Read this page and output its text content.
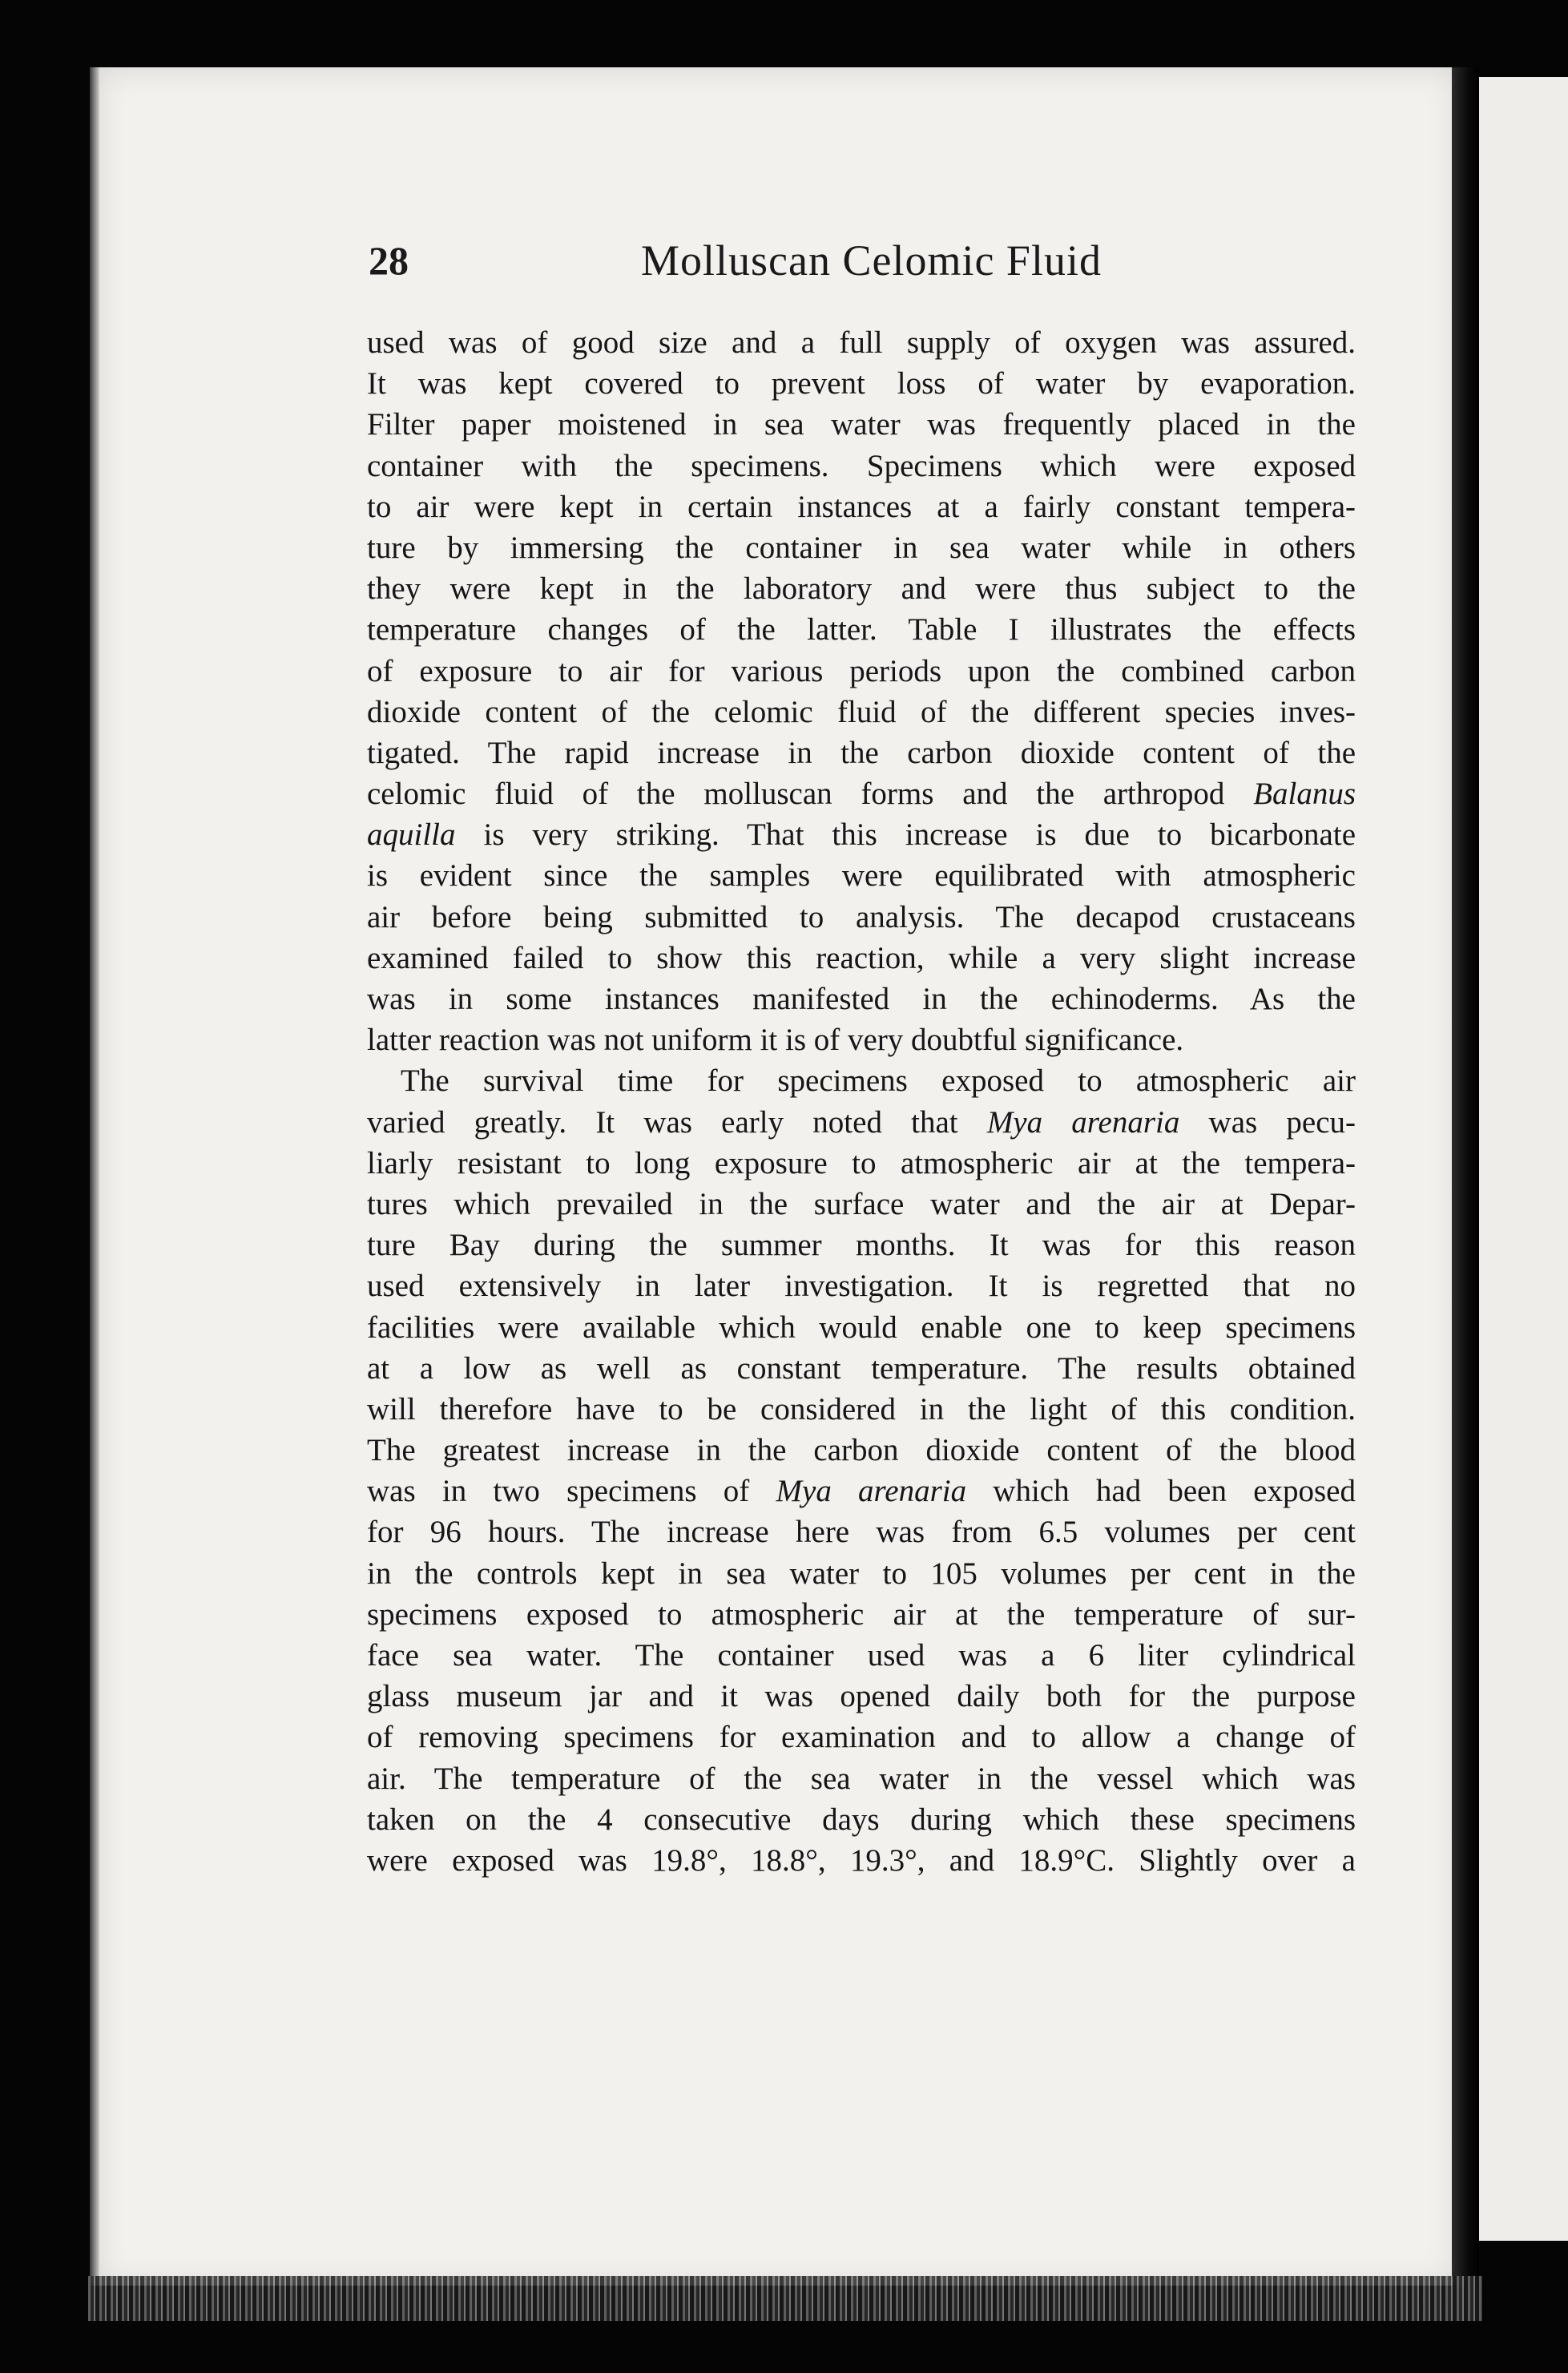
28	Molluscan Celomic Fluid
used was of good size and a full supply of oxygen was assured.
It was kept covered to prevent loss of water by evaporation.
Filter paper moistened in sea water was frequently placed in the
container with the specimens. Specimens which were exposed
to air were kept in certain instances at a fairly constant tempera-
ture by immersing the container in sea water while in others
they were kept in the laboratory and were thus subject to the
temperature changes of the latter. Table I illustrates the effects
of exposure to air for various periods upon the combined carbon
dioxide content of the celomic fluid of the different species inves-
tigated. The rapid increase in the carbon dioxide content of the
celomic fluid of the molluscan forms and the arthropod Balanus
aquilla is very striking. That this increase is due to bicarbonate
is evident since the samples were equilibrated with atmospheric
air before being submitted to analysis. The decapod crustaceans
examined failed to show this reaction, while a very slight increase
was in some instances manifested in the echinoderms. As the
latter reaction was not uniform it is of very doubtful significance.
The survival time for specimens exposed to atmospheric air
varied greatly. It was early noted that Mya arenaria was pecu-
liarly resistant to long exposure to atmospheric air at the tempera-
tures which prevailed in the surface water and the air at Depar-
ture Bay during the summer months. It was for this reason
used extensively in later investigation. It is regretted that no
facilities were available which would enable one to keep specimens
at a low as well as constant temperature. The results obtained
will therefore have to be considered in the light of this condition.
The greatest increase in the carbon dioxide content of the blood
was in two specimens of Mya arenaria which had been exposed
for 96 hours. The increase here was from 6.5 volumes per cent
in the controls kept in sea water to 105 volumes per cent in the
specimens exposed to atmospheric air at the temperature of sur-
face sea water. The container used was a 6 liter cylindrical
glass museum jar and it was opened daily both for the purpose
of removing specimens for examination and to allow a change of
air. The temperature of the sea water in the vessel which was
taken on the 4 consecutive days during which these specimens
were exposed was 19.8°, 18.8°, 19.3°, and 18.9°C. Slightly over a
